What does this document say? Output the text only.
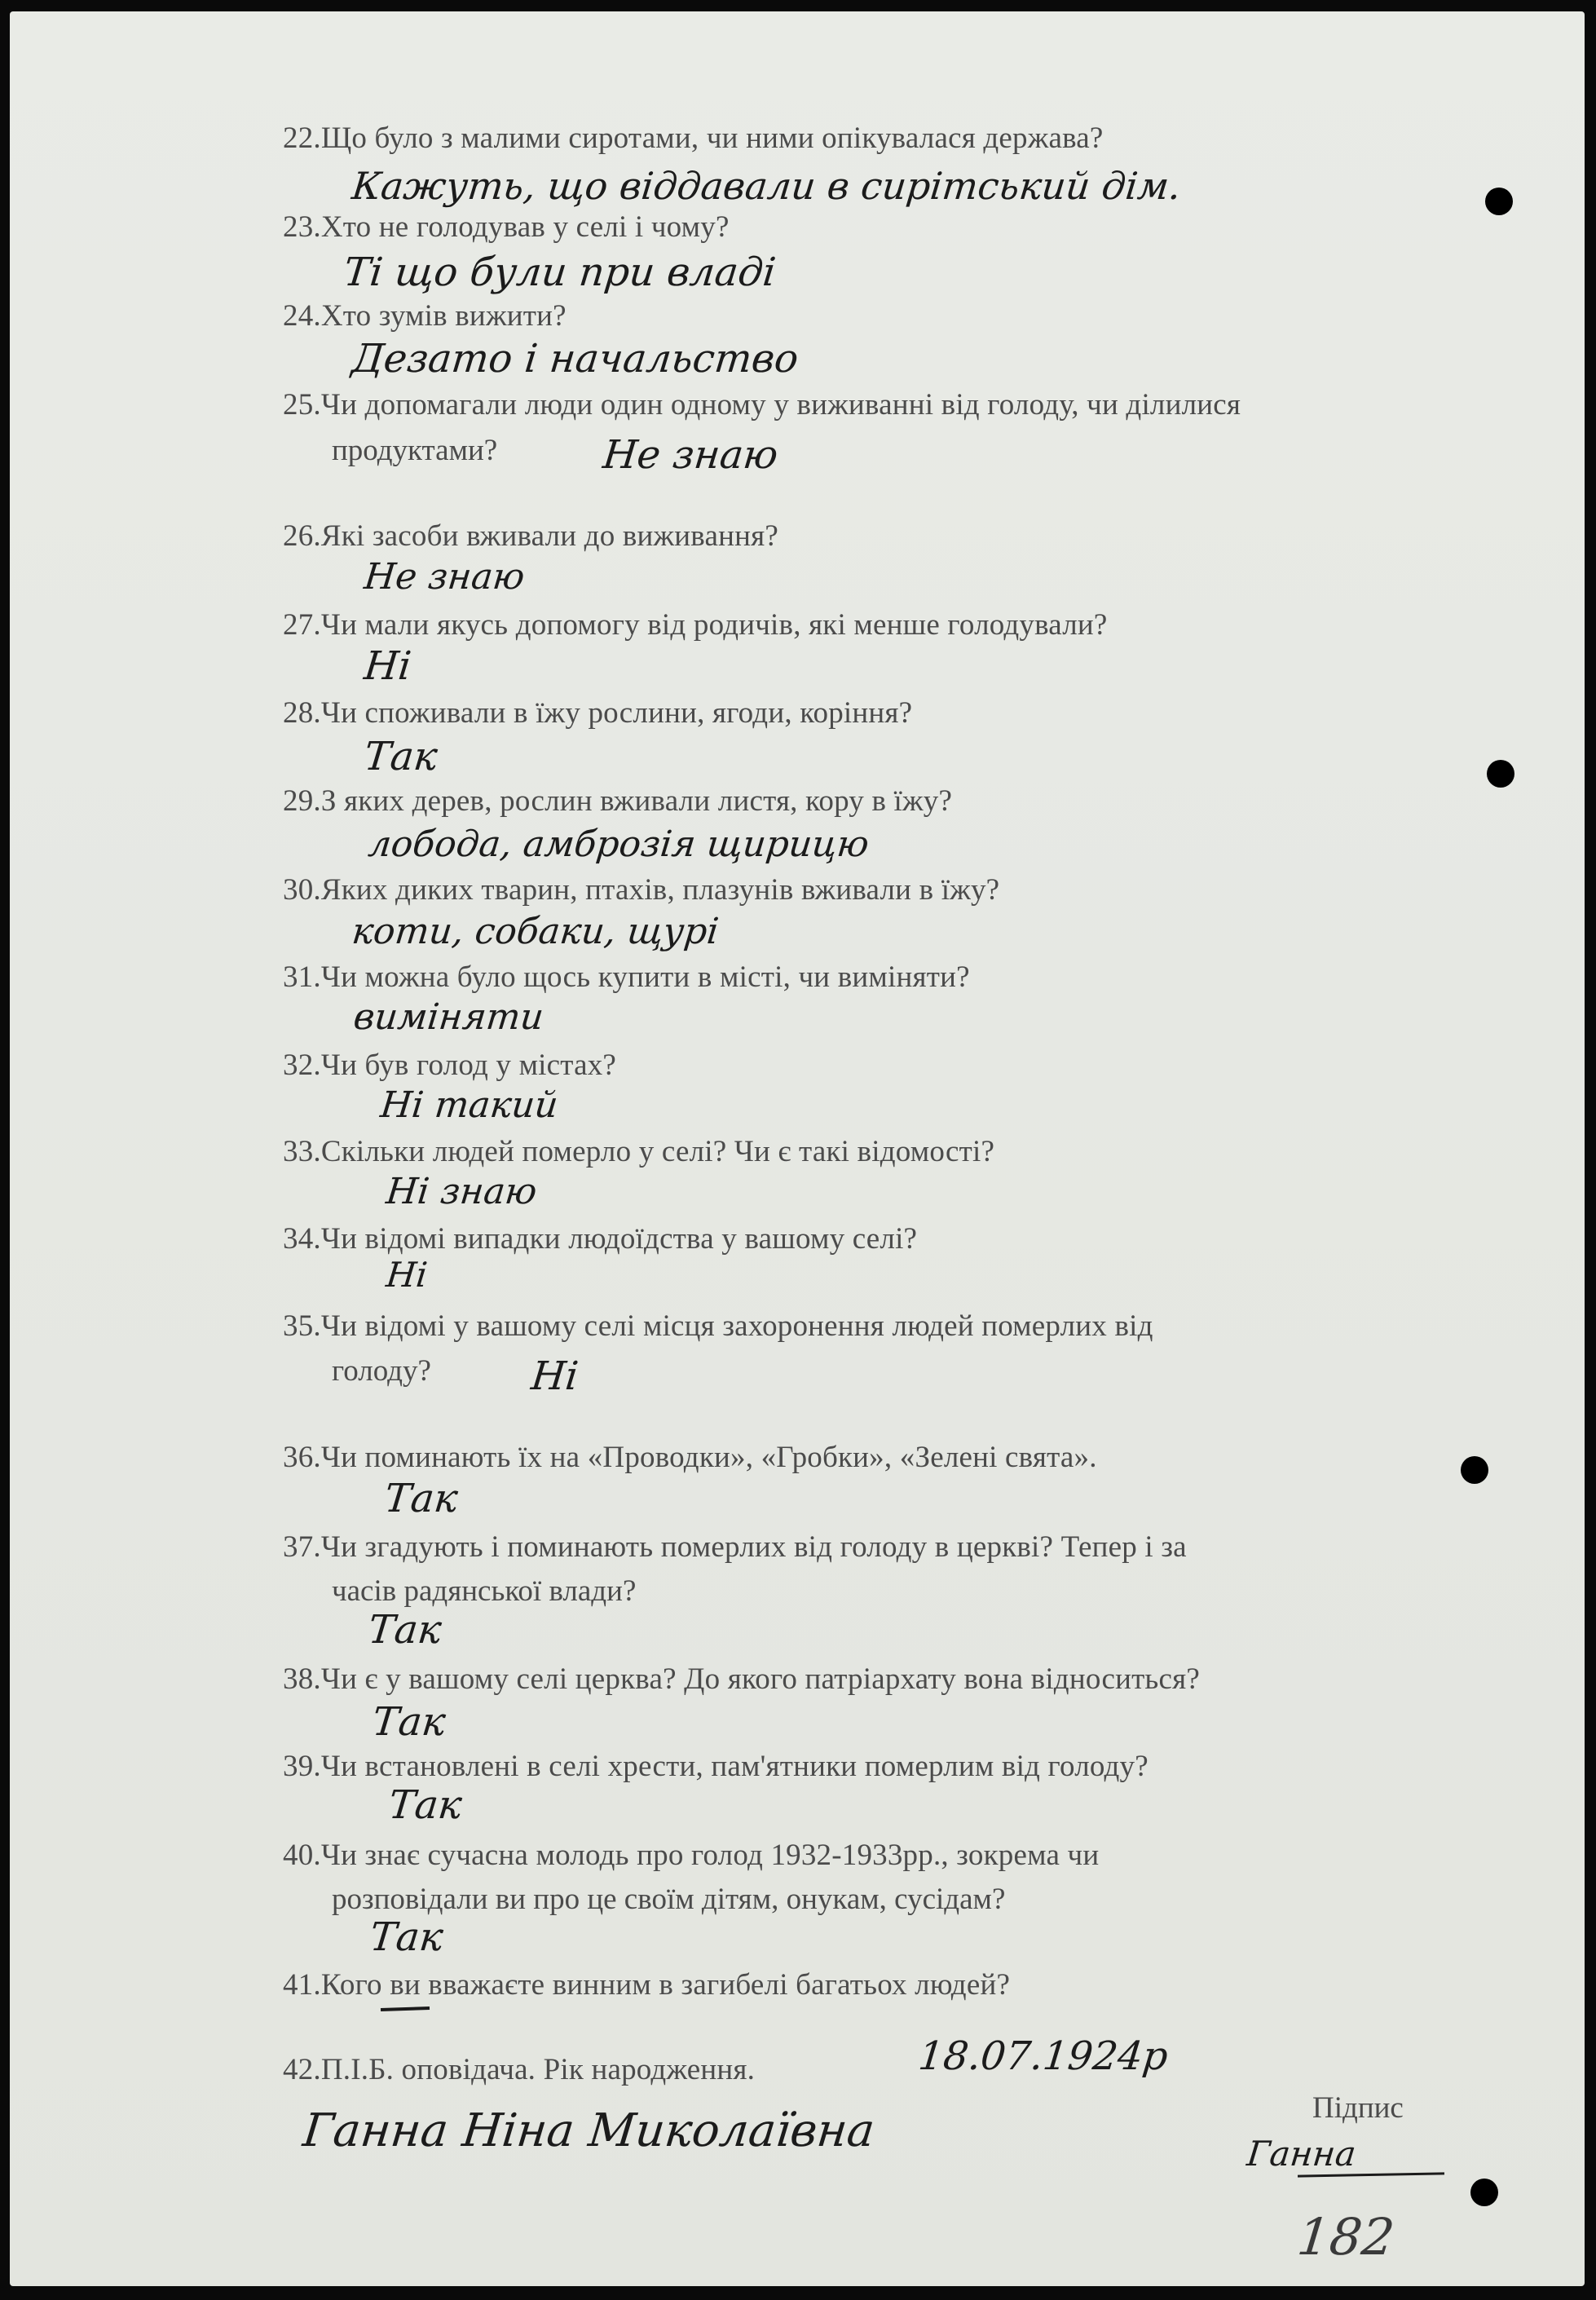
22.Що було з малими сиротами, чи ними опікувалася держава?
Кажуть, що віддавали в сирітський дім.
23.Хто не голодував у селі і чому?
Ті що були при владі
24.Хто зумів вижити?
Дезато і начальство
25.Чи допомагали люди один одному у виживанні від голоду, чи ділилися
продуктами?	Не знаю
26.Які засоби вживали до виживання?
Не знаю
27.Чи мали якусь допомогу від родичів, які менше голодували?
Ні
28.Чи споживали в їжу рослини, ягоди, коріння?
Так
29.З яких дерев, рослин вживали листя, кору в їжу?
лобода, амброзія щирицю
30.Яких диких тварин, птахів, плазунів вживали в їжу?
коти, собаки, щурі
31.Чи можна було щось купити в місті, чи виміняти?
виміняти
32.Чи був голод у містах?
Ні такий
33.Скільки людей померло у селі? Чи є такі відомості?
Ні знаю
34.Чи відомі випадки людоїдства у вашому селі?
Ні
35.Чи відомі у вашому селі місця захоронення людей померлих від
голоду?	Ні
36.Чи поминають їх на «Проводки», «Гробки», «Зелені свята».
Так
37.Чи згадують і поминають померлих від голоду в церкві? Тепер і за
часів радянської влади?
Так
38.Чи є у вашому селі церква? До якого патріархату вона відноситься?
Так
39.Чи встановлені в селі хрести, пам'ятники померлим від голоду?
Так
40.Чи знає сучасна молодь про голод 1932-1933рр., зокрема чи
розповідали ви про це своїм дітям, онукам, сусідам?
Так
41.Кого ви вважаєте винним в загибелі багатьох людей?
42.П.І.Б. оповідача. Рік народження.	18.07.1924р
Ганна Ніна Миколаївна	Підпис
Ганна
182
